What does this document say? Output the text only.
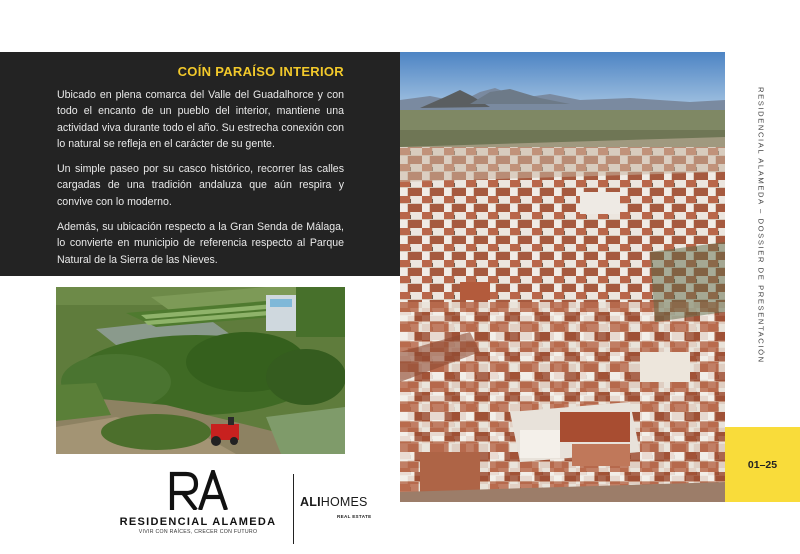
COÍN PARAÍSO INTERIOR

Ubicado en plena comarca del Valle del Guadalhorce y con todo el encanto de un pueblo del interior, mantiene una actividad viva durante todo el año. Su estrecha conexión con lo natural se refleja en el carácter de su gente.

Un simple paseo por su casco histórico, recorrer las calles cargadas de una tradición andaluza que aún respira y convive con lo moderno.

Además, su ubicación respecto a la Gran Senda de Málaga, lo convierte en municipio de referencia respecto al Parque Natural de la Sierra de las Nieves.	RESIDENCIAL ALAMEDA – DOSSIER DE PRESENTACIÓN
01–25
RESIDENCIAL ALAMEDA
VIVIR CON RAÍCES, CRECER CON FUTURO
ALIHOMES
REAL ESTATE
